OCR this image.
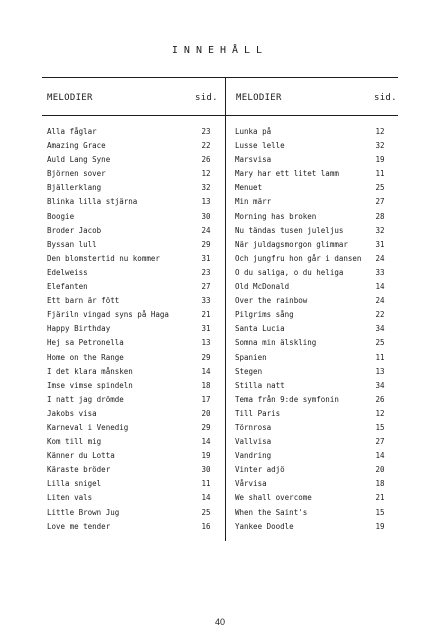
INNEHÅLL
MELODIER	sid. MELODIER	sid.
Alla fåglar	23
Amazing Grace	22
Auld Lang Syne	26
Björnen sover	12
Bjällerklang	32
Blinka lilla stjärna	13
Boogie	30
Broder Jacob	24
Byssan lull	29
Den blomstertid nu kommer	31
Edelweiss	23
Elefanten	27
Ett barn är fött	33
Fjäriln vingad syns på Haga	21
Happy Birthday	31
Hej sa Petronella	13
Home on the Range	29
I det klara månsken	14
Imse vimse spindeln	18
I natt jag drömde	17
Jakobs visa	20
Karneval i Venedig	29
Kom till mig	14
Känner du Lotta	19
Käraste bröder	30
Lilla snigel	11
Liten vals	14
Little Brown Jug	25
Love me tender	16
Lunka på	12
Lusse lelle	32
Marsvisa	19
Mary har ett litet lamm	11
Menuet	25
Min märr	27
Morning has broken	28
Nu tändas tusen juleljus	32
När juldagsmorgon glimmar	31
Och jungfru hon går i dansen	24
O du saliga, o du heliga	33
Old McDonald	14
Over the rainbow	24
Pilgrims sång	22
Santa Lucia	34
Somna min älskling	25
Spanien	11
Stegen	13
Stilla natt	34
Tema från 9:de symfonin	26
Till Paris	12
Törnrosa	15
Vallvisa	27
Vandring	14
Vinter adjö	20
Vårvisa	18
We shall overcome	21
When the Saint's	15
Yankee Doodle	19
40
